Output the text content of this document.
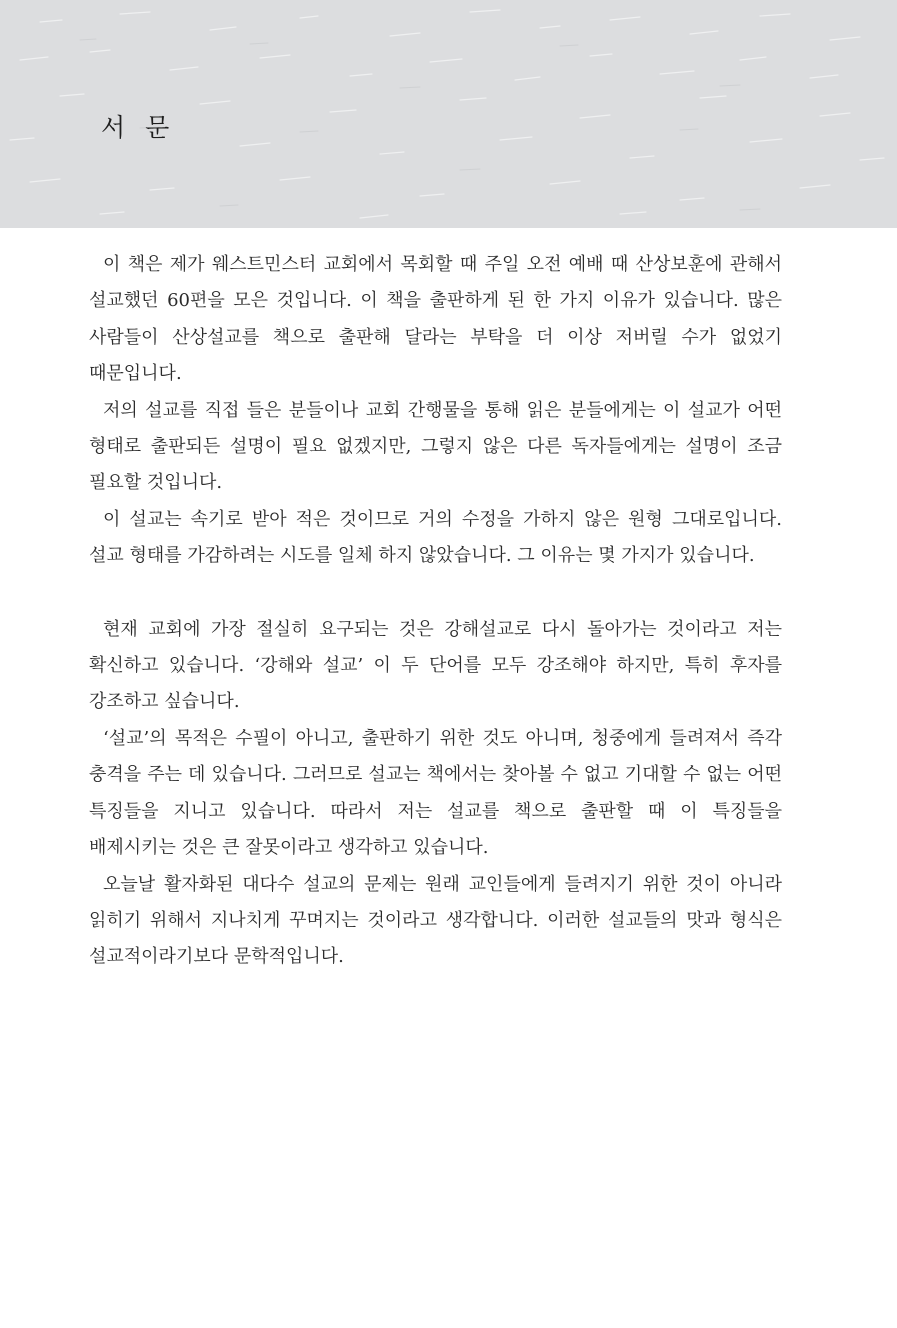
서 문

이 책은 제가 웨스트민스터 교회에서 목회할 때 주일 오전 예배 때 산상보훈에 관해서 설교했던 60편을 모은 것입니다. 이 책을 출판하게 된 한 가지 이유가 있습니다. 많은 사람들이 산상설교를 책으로 출판해 달라는 부탁을 더 이상 저버릴 수가 없었기 때문입니다.

저의 설교를 직접 들은 분들이나 교회 간행물을 통해 읽은 분들에게는 이 설교가 어떤 형태로 출판되든 설명이 필요 없겠지만, 그렇지 않은 다른 독자들에게는 설명이 조금 필요할 것입니다.

이 설교는 속기로 받아 적은 것이므로 거의 수정을 가하지 않은 원형 그대로입니다. 설교 형태를 가감하려는 시도를 일체 하지 않았습니다. 그 이유는 몇 가지가 있습니다.

현재 교회에 가장 절실히 요구되는 것은 강해설교로 다시 돌아가는 것이라고 저는 확신하고 있습니다. ‘강해와 설교’ 이 두 단어를 모두 강조해야 하지만, 특히 후자를 강조하고 싶습니다.

‘설교’의 목적은 수필이 아니고, 출판하기 위한 것도 아니며, 청중에게 들려져서 즉각 충격을 주는 데 있습니다. 그러므로 설교는 책에서는 찾아볼 수 없고 기대할 수 없는 어떤 특징들을 지니고 있습니다. 따라서 저는 설교를 책으로 출판할 때 이 특징들을 배제시키는 것은 큰 잘못이라고 생각하고 있습니다.

오늘날 활자화된 대다수 설교의 문제는 원래 교인들에게 들려지기 위한 것이 아니라 읽히기 위해서 지나치게 꾸며지는 것이라고 생각합니다. 이러한 설교들의 맛과 형식은 설교적이라기보다 문학적입니다.
